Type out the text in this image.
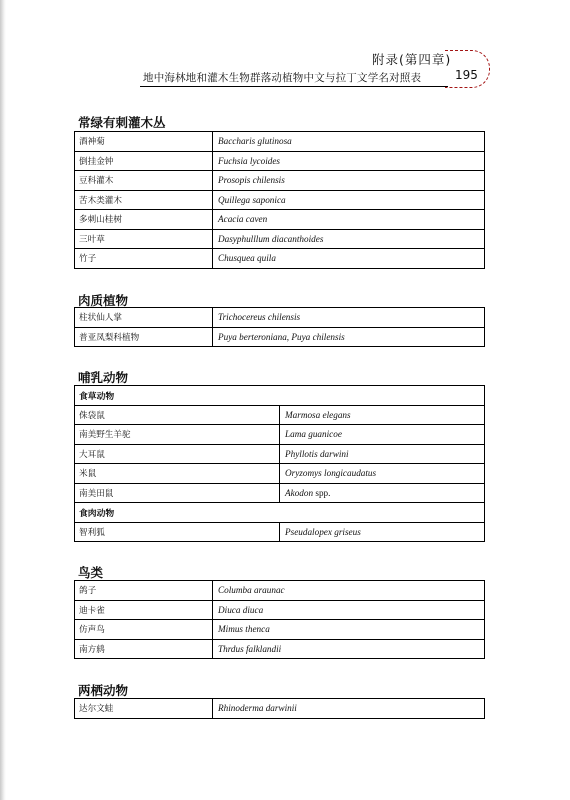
附录(第四章)
地中海林地和灌木生物群落动植物中文与拉丁文学名对照表	195
常绿有刺灌木丛
酒神菊	Baccharis glutinosa
倒挂金钟	Fuchsia lycoides
豆科灌木	Prosopis chilensis
苦木类灌木	Quillega saponica
多刺山桂树	Acacia caven
三叶草	Dasyphulllum diacanthoides
竹子	Chusquea quila
肉质植物
柱状仙人掌	Trichocereus chilensis
普亚凤梨科植物	Puya berteroniana, Puya chilensis
哺乳动物
食草动物	
侏袋鼠	Marmosa elegans
南美野生羊驼	Lama guanicoe
大耳鼠	Phyllotis darwini
米鼠	Oryzomys longicaudatus
南美田鼠	Akodon spp.
食肉动物	
智利狐	Pseudalopex griseus
鸟类
鸽子	Columba araunac
迪卡雀	Diuca diuca
仿声鸟	Mimus thenca
南方鸫	Thrdus falklandii
两栖动物
达尔文蛙	Rhinoderma darwinii
